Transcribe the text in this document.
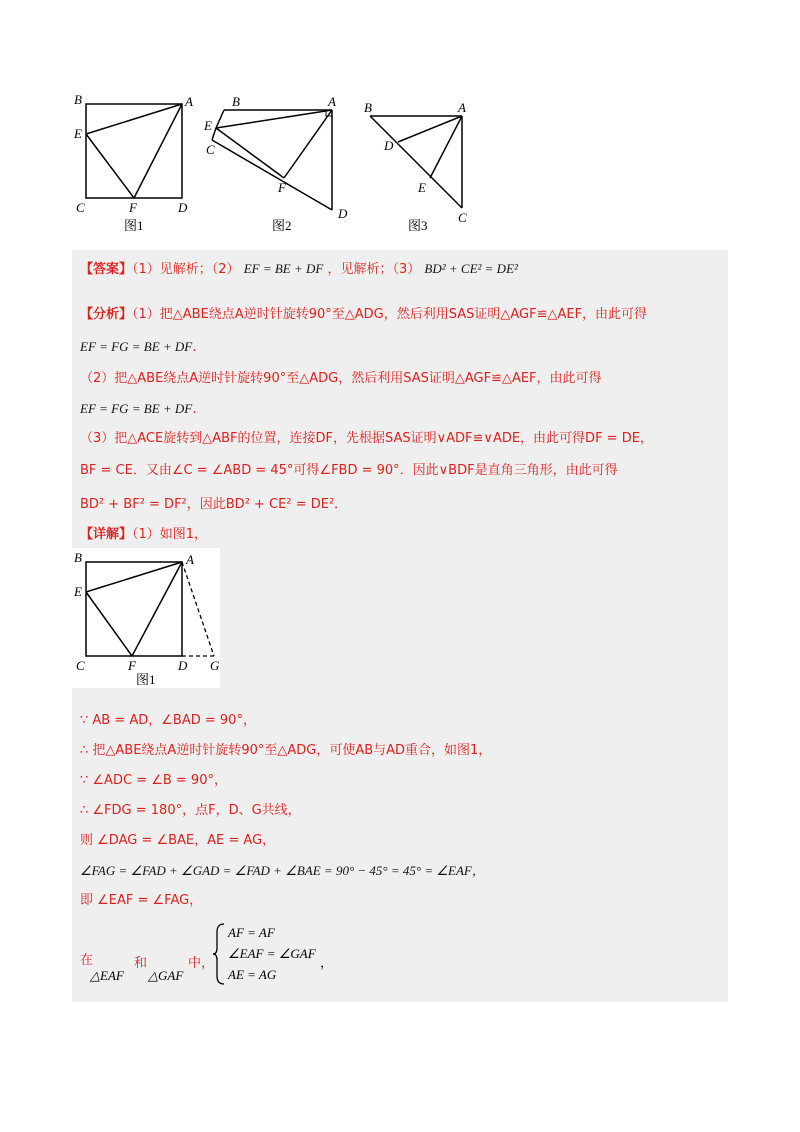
B	A
E
C	F	D
图1
B	A
E
C
F
D
图2
B	A
D
E
C
图3
【答案】（1）见解析；（2） EF = BE + DF ，见解析；（3） BD² + CE² = DE²
【分析】（1）把△ABE绕点A逆时针旋转90°至△ADG，然后利用SAS证明△AGF≌△AEF，由此可得
EF = FG = BE + DF.
（2）把△ABE绕点A逆时针旋转90°至△ADG，然后利用SAS证明△AGF≌△AEF，由此可得
EF = FG = BE + DF.
（3）把△ACE旋转到△ABF的位置，连接DF，先根据SAS证明∨ADF≌∨ADE，由此可得DF = DE，
BF = CE．又由∠C = ∠ABD = 45°可得∠FBD = 90°．因此∨BDF是直角三角形，由此可得
BD² + BF² = DF²，因此BD² + CE² = DE²．
【详解】（1）如图1，
B	A
E
C	F	D G
图1
∵ AB = AD，∠BAD = 90°，
∴ 把△ABE绕点A逆时针旋转90°至△ADG，可使AB与AD重合，如图1，
∵ ∠ADC = ∠B = 90°，
∴ ∠FDG = 180°，点F，D、G共线，
则 ∠DAG = ∠BAE，AE = AG，
∠FAG = ∠FAD + ∠GAD = ∠FAD + ∠BAE = 90° − 45° = 45° = ∠EAF，
即 ∠EAF = ∠FAG，
在
△EAF
和
△GAF
中，
AF = AF
∠EAF = ∠GAF
AE = AG
，
